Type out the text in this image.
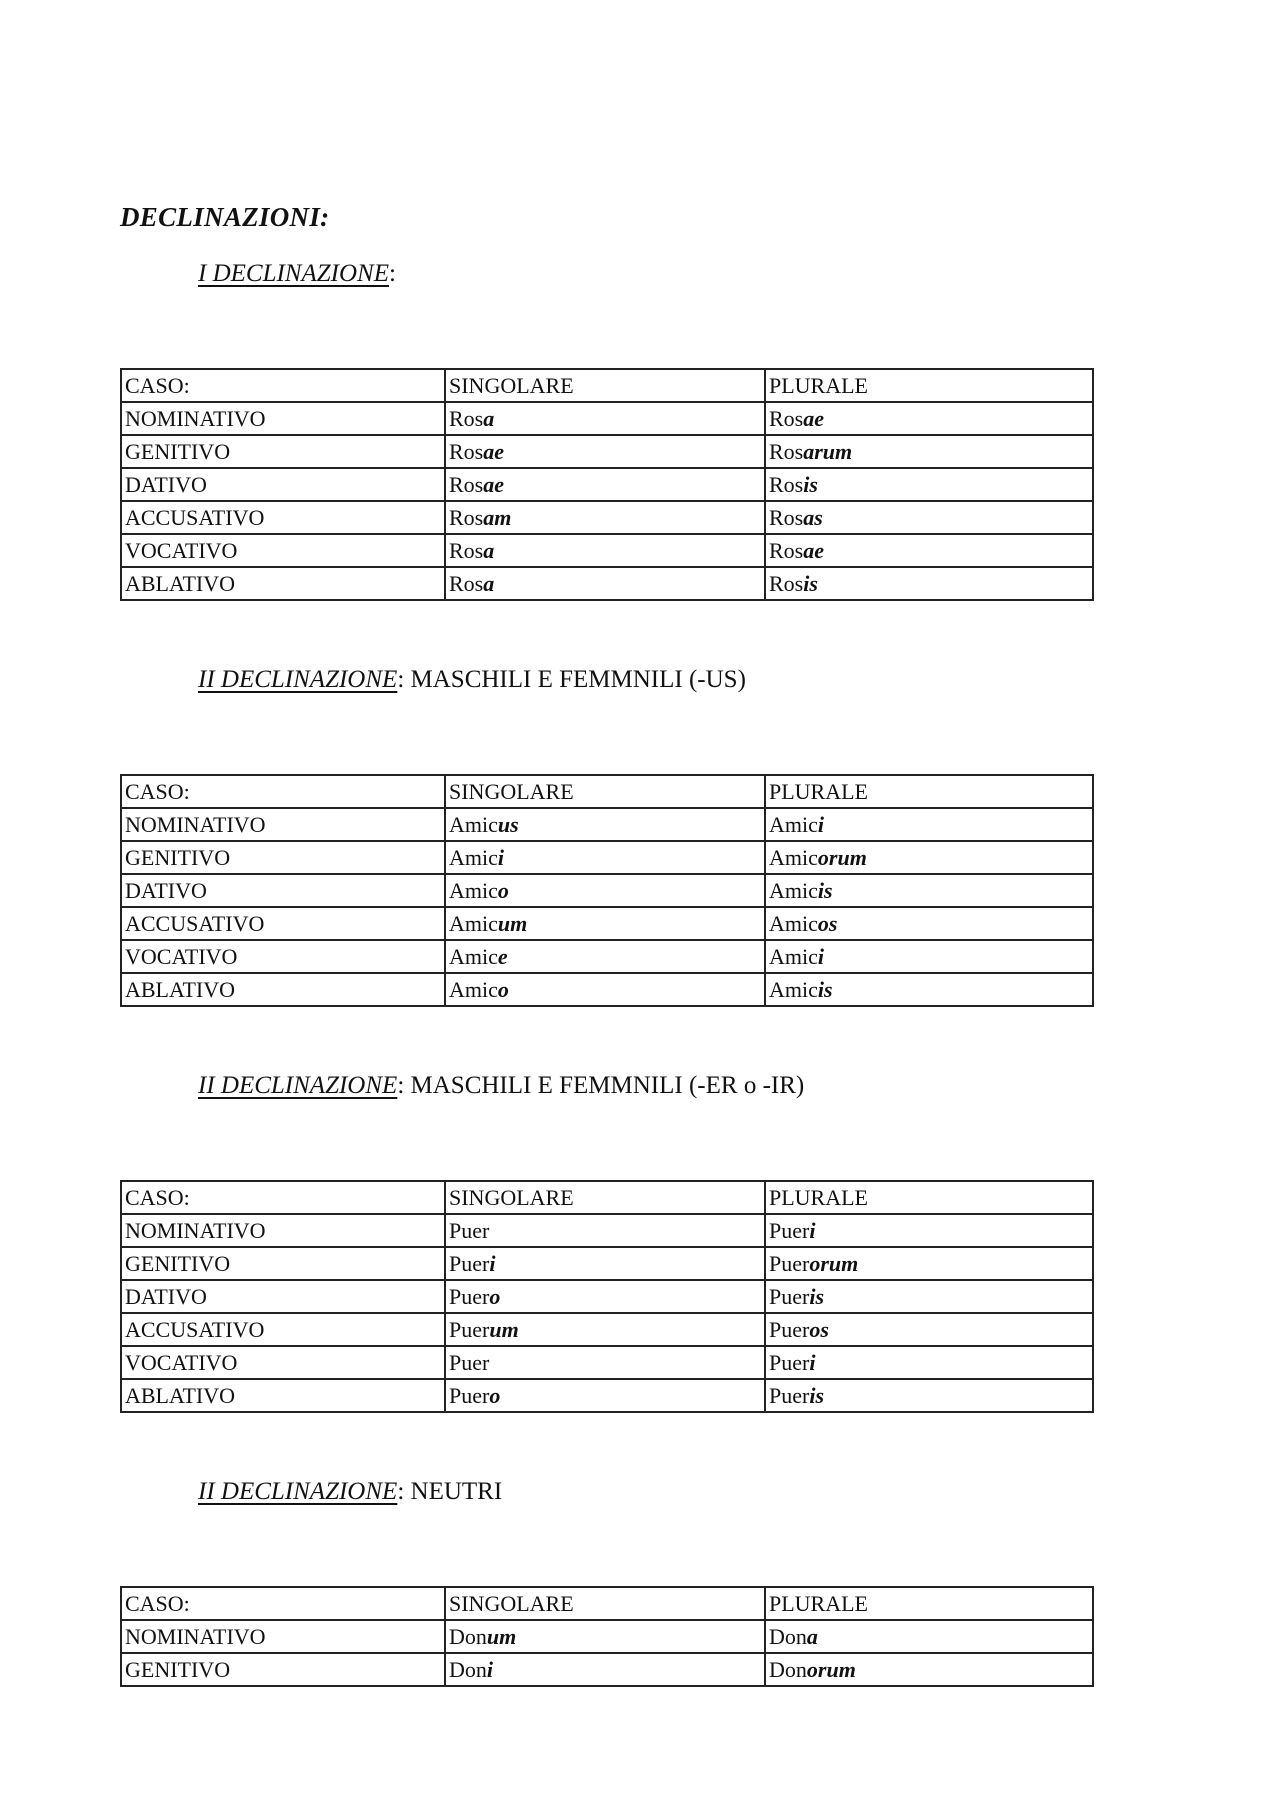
DECLINAZIONI:
I DECLINAZIONE:
CASO:	SINGOLARE	PLURALE
NOMINATIVO	Rosa	Rosae
GENITIVO	Rosae	Rosarum
DATIVO	Rosae	Rosis
ACCUSATIVO	Rosam	Rosas
VOCATIVO	Rosa	Rosae
ABLATIVO	Rosa	Rosis
II DECLINAZIONE: MASCHILI E FEMMNILI (-US)
CASO:	SINGOLARE	PLURALE
NOMINATIVO	Amicus	Amici
GENITIVO	Amici	Amicorum
DATIVO	Amico	Amicis
ACCUSATIVO	Amicum	Amicos
VOCATIVO	Amice	Amici
ABLATIVO	Amico	Amicis
II DECLINAZIONE: MASCHILI E FEMMNILI (-ER o -IR)
CASO:	SINGOLARE	PLURALE
NOMINATIVO	Puer	Pueri
GENITIVO	Pueri	Puerorum
DATIVO	Puero	Pueris
ACCUSATIVO	Puerum	Pueros
VOCATIVO	Puer	Pueri
ABLATIVO	Puero	Pueris
II DECLINAZIONE: NEUTRI
CASO:	SINGOLARE	PLURALE
NOMINATIVO	Donum	Dona
GENITIVO	Doni	Donorum
